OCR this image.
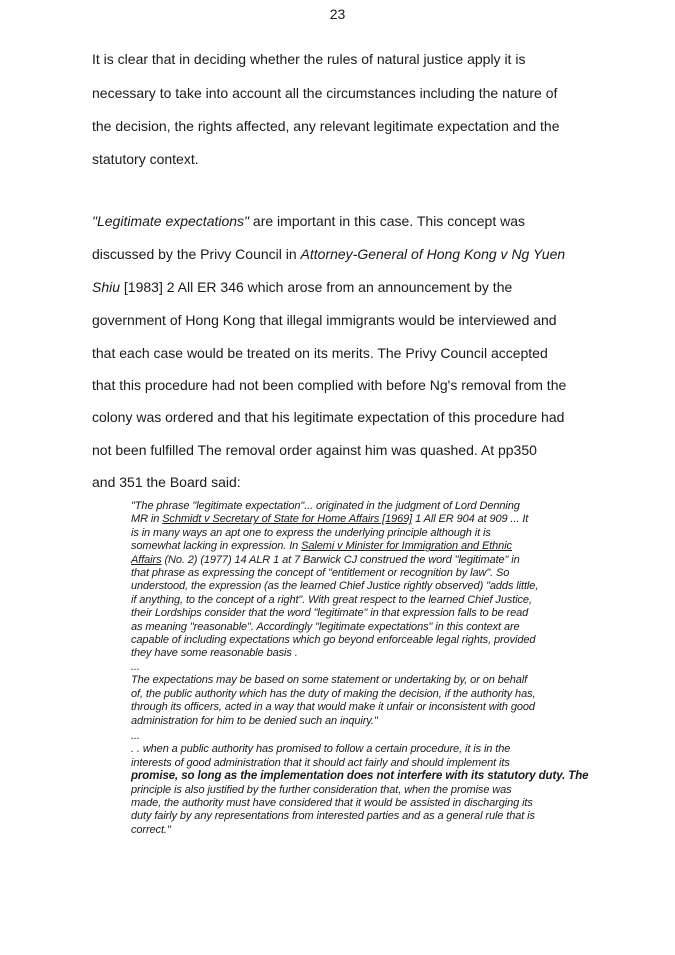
23
It is clear that in deciding whether the rules of natural justice apply it is
necessary to take into account all the circumstances including the nature of
the decision, the rights affected, any relevant legitimate expectation and the
statutory context.
"Legitimate expectations" are important in this case. This concept was
discussed by the Privy Council in Attorney-General of Hong Kong v Ng Yuen
Shiu [1983] 2 All ER 346 which arose from an announcement by the
government of Hong Kong that illegal immigrants would be interviewed and
that each case would be treated on its merits. The Privy Council accepted
that this procedure had not been complied with before Ng's removal from the
colony was ordered and that his legitimate expectation of this procedure had
not been fulfilled The removal order against him was quashed. At pp350
and 351 the Board said:

"The phrase "legitimate expectation"... originated in the judgment of Lord Denning
MR in Schmidt v Secretary of State for Home Affairs [1969] 1 All ER 904 at 909 ... It
is in many ways an apt one to express the underlying principle although it is
somewhat lacking in expression. In Salemi v Minister for Immigration and Ethnic
Affairs (No. 2) (1977) 14 ALR 1 at 7 Barwick CJ construed the word "legitimate" in
that phrase as expressing the concept of "entitlement or recognition by law". So
understood, the expression (as the learned Chief Justice rightly observed) "adds little,
if anything, to the concept of a right". With great respect to the learned Chief Justice,
their Lordships consider that the word "legitimate" in that expression falls to be read
as meaning "reasonable". Accordingly "legitimate expectations" in this context are
capable of including expectations which go beyond enforceable legal rights, provided
they have some reasonable basis .

...

The expectations may be based on some statement or undertaking by, or on behalf
of, the public authority which has the duty of making the decision, if the authority has,
through its officers, acted in a way that would make it unfair or inconsistent with good
administration for him to be denied such an inquiry."

...

. . when a public authority has promised to follow a certain procedure, it is in the
interests of good administration that it should act fairly and should implement its
promise, so long as the implementation does not interfere with its statutory duty. The
principle is also justified by the further consideration that, when the promise was
made, the authority must have considered that it would be assisted in discharging its
duty fairly by any representations from interested parties and as a general rule that is
correct."
